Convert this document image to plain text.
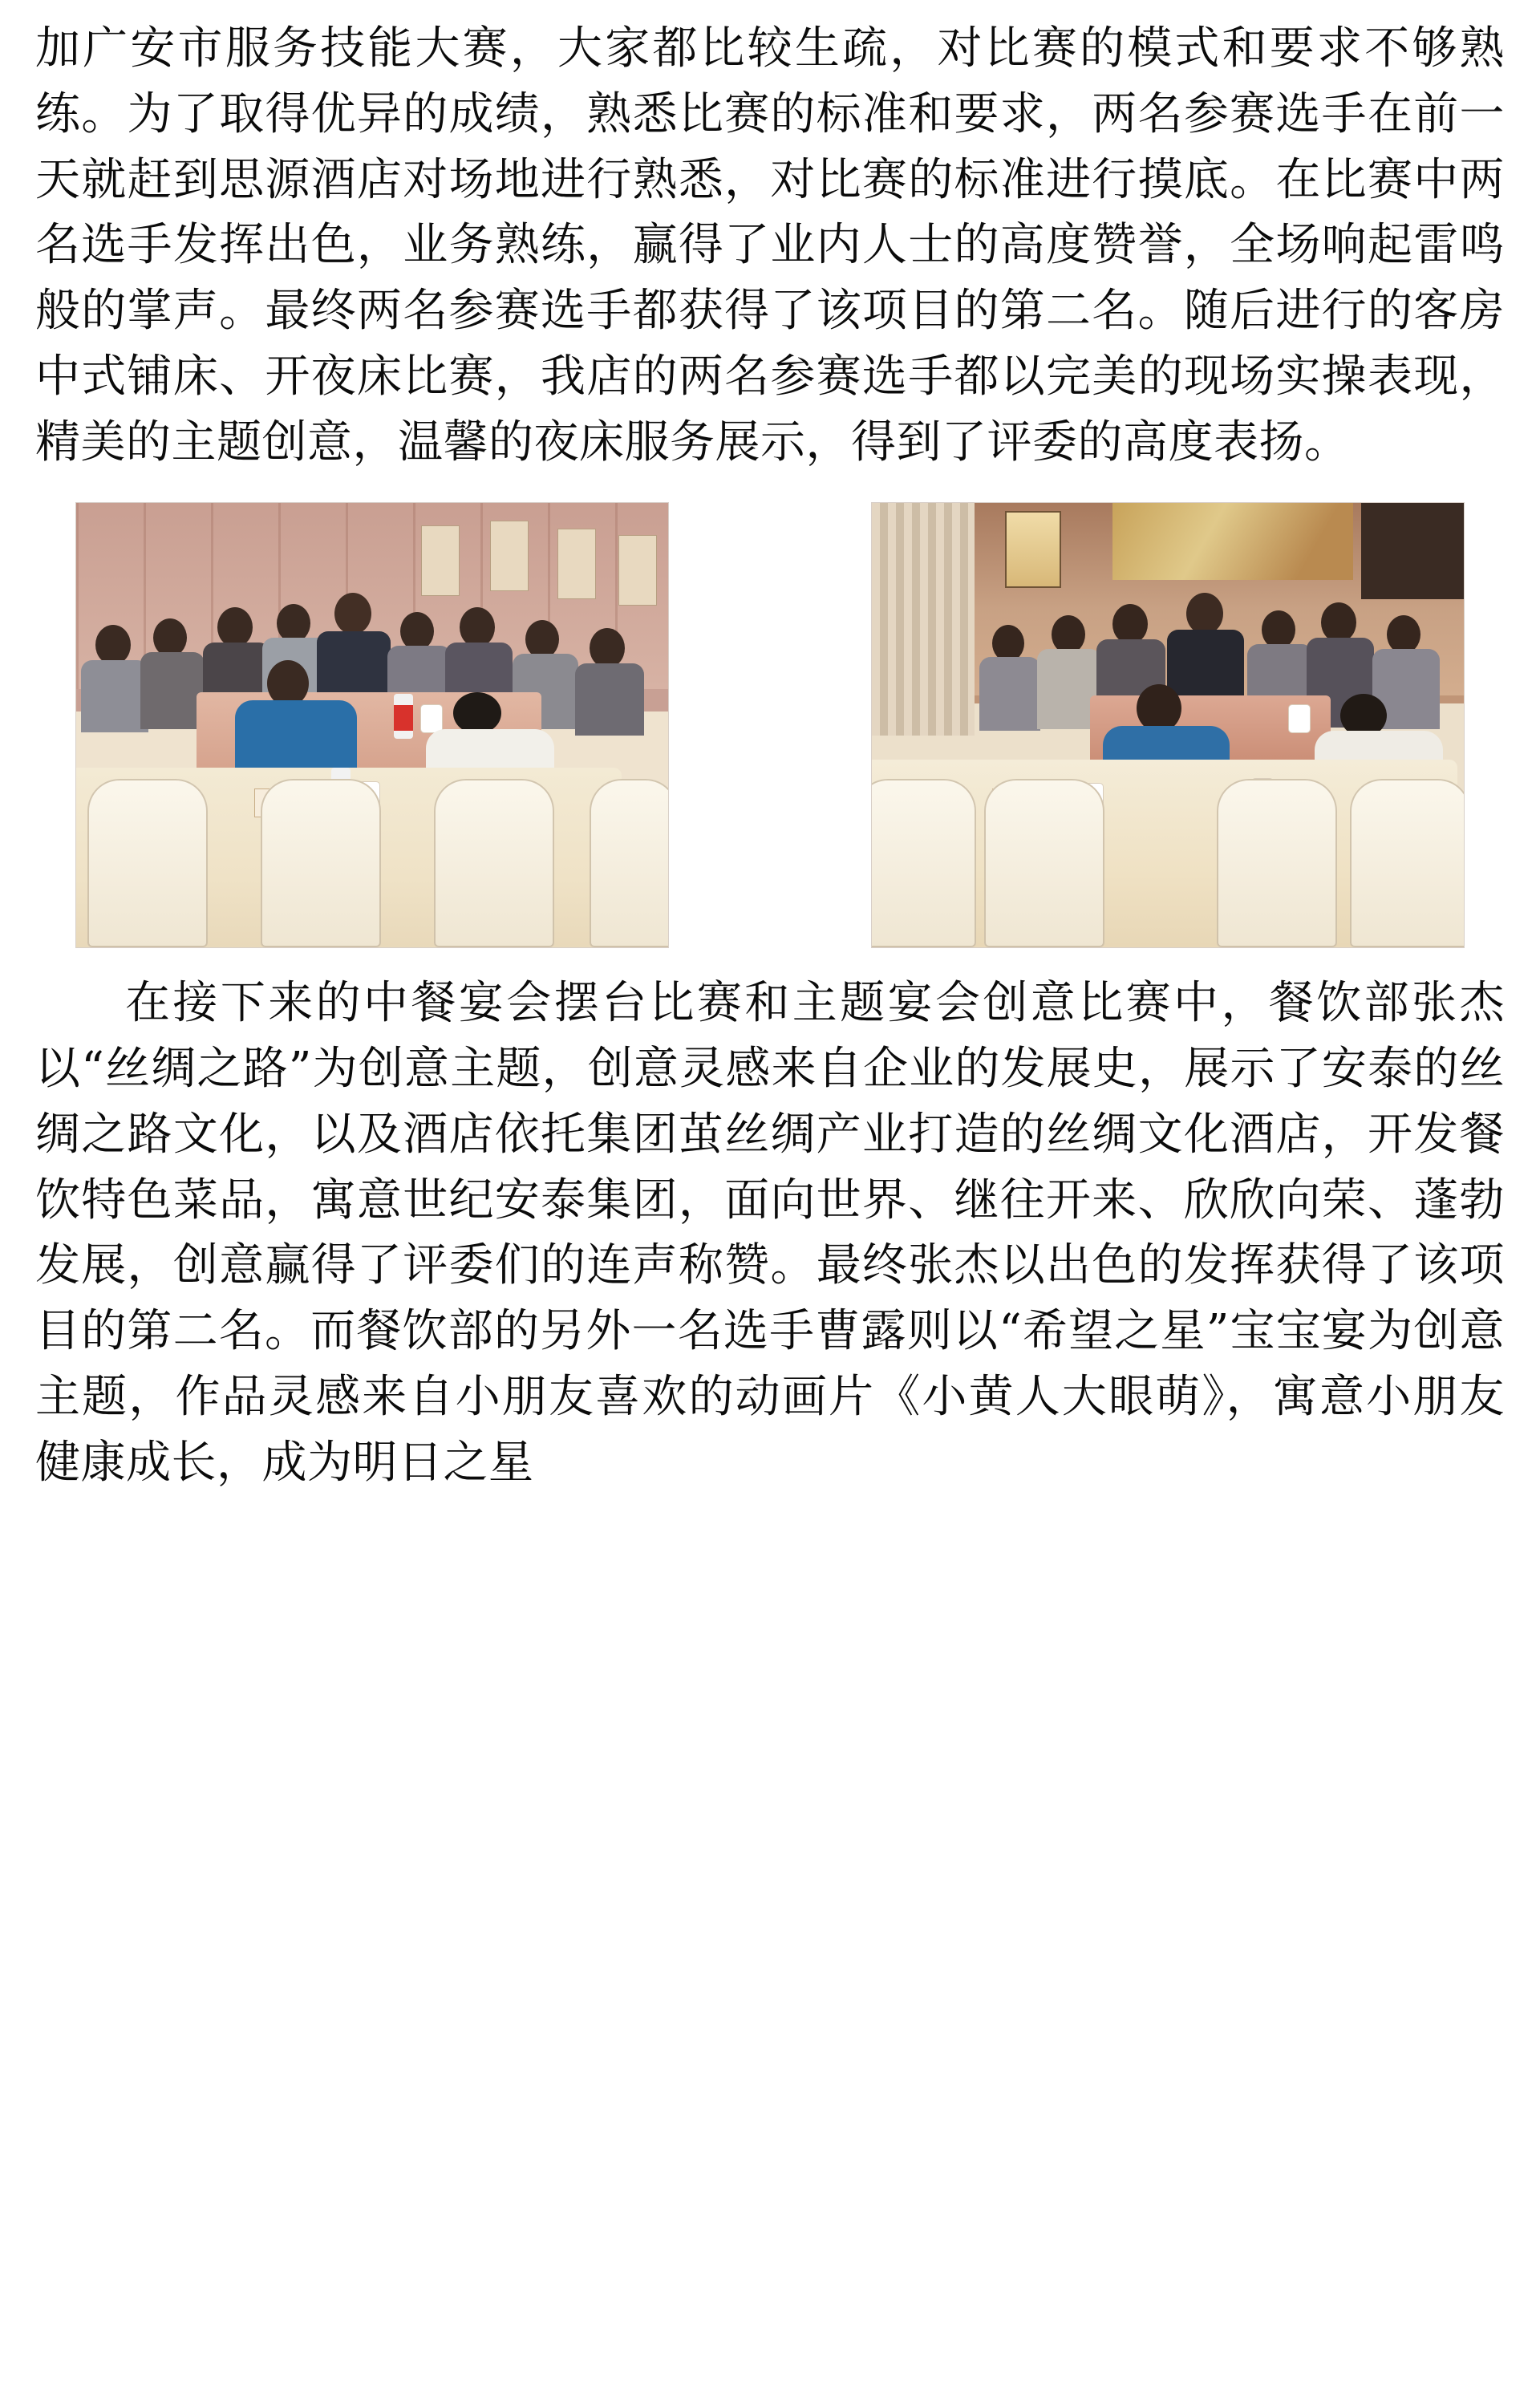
加广安市服务技能大赛，大家都比较生疏，对比赛的模式和要求不够熟练。为了取得优异的成绩，熟悉比赛的标准和要求，两名参赛选手在前一天就赶到思源酒店对场地进行熟悉，对比赛的标准进行摸底。在比赛中两名选手发挥出色，业务熟练，赢得了业内人士的高度赞誉，全场响起雷鸣般的掌声。最终两名参赛选手都获得了该项目的第二名。随后进行的客房中式铺床、开夜床比赛，我店的两名参赛选手都以完美的现场实操表现，精美的主题创意，温馨的夜床服务展示，得到了评委的高度表扬。

在接下来的中餐宴会摆台比赛和主题宴会创意比赛中，餐饮部张杰以“丝绸之路”为创意主题，创意灵感来自企业的发展史，展示了安泰的丝绸之路文化，以及酒店依托集团茧丝绸产业打造的丝绸文化酒店，开发餐饮特色菜品，寓意世纪安泰集团，面向世界、继往开来、欣欣向荣、蓬勃发展，创意赢得了评委们的连声称赞。最终张杰以出色的发挥获得了该项目的第二名。而餐饮部的另外一名选手曹露则以“希望之星”宝宝宴为创意主题，作品灵感来自小朋友喜欢的动画片《小黄人大眼萌》，寓意小朋友健康成长，成为明日之星
